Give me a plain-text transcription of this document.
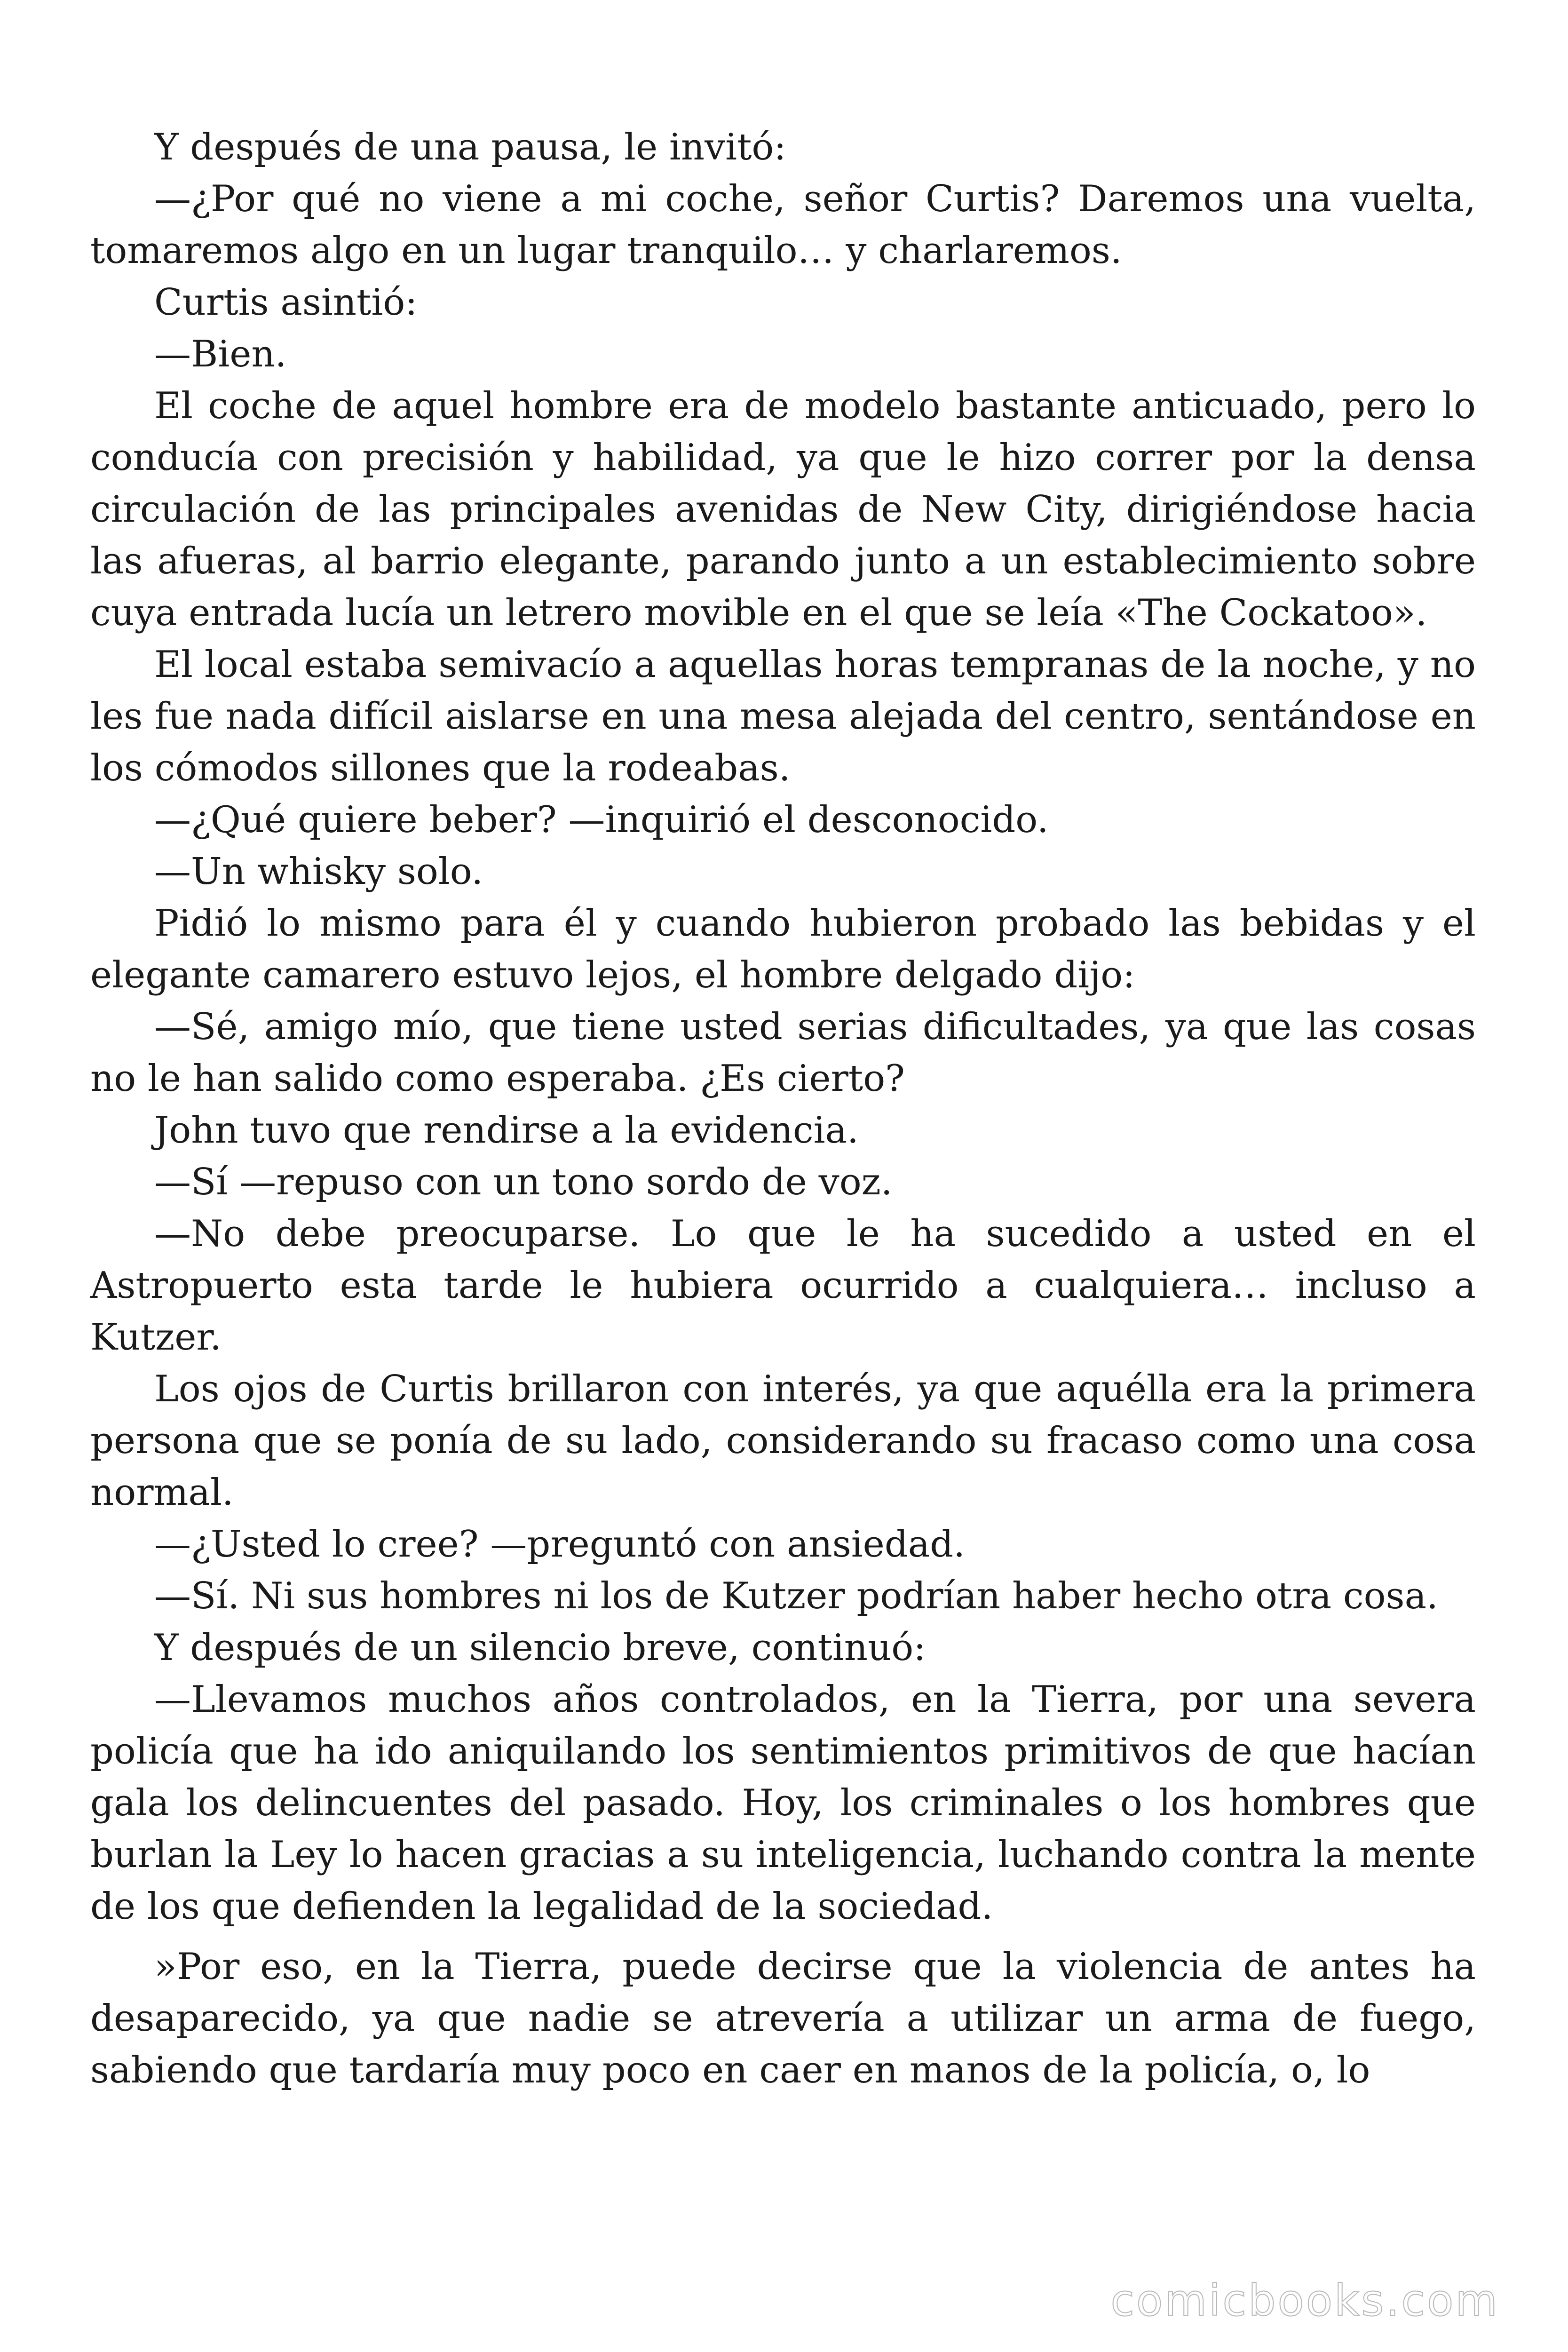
Y después de una pausa, le invitó:

—¿Por qué no viene a mi coche, señor Curtis? Daremos una vuelta, tomaremos algo en un lugar tranquilo… y charlaremos.

Curtis asintió:

—Bien.

El coche de aquel hombre era de modelo bastante anticuado, pero lo conducía con precisión y habilidad, ya que le hizo correr por la densa circulación de las principales avenidas de New City, dirigiéndose hacia las afueras, al barrio elegante, parando junto a un establecimiento sobre cuya entrada lucía un letrero movible en el que se leía «The Cockatoo».

El local estaba semivacío a aquellas horas tempranas de la noche, y no les fue nada difícil aislarse en una mesa alejada del centro, sentándose en los cómodos sillones que la rodeabas.

—¿Qué quiere beber? —inquirió el desconocido.

—Un whisky solo.

Pidió lo mismo para él y cuando hubieron probado las bebidas y el elegante camarero estuvo lejos, el hombre delgado dijo:

—Sé, amigo mío, que tiene usted serias dificultades, ya que las cosas no le han salido como esperaba. ¿Es cierto?

John tuvo que rendirse a la evidencia.

—Sí —repuso con un tono sordo de voz.

—No debe preocuparse. Lo que le ha sucedido a usted en el Astropuerto esta tarde le hubiera ocurrido a cualquiera… incluso a Kutzer.

Los ojos de Curtis brillaron con interés, ya que aquélla era la primera persona que se ponía de su lado, considerando su fracaso como una cosa normal.

—¿Usted lo cree? —preguntó con ansiedad.

—Sí. Ni sus hombres ni los de Kutzer podrían haber hecho otra cosa.

Y después de un silencio breve, continuó:

—Llevamos muchos años controlados, en la Tierra, por una severa policía que ha ido aniquilando los sentimientos primitivos de que hacían gala los delincuentes del pasado. Hoy, los criminales o los hombres que burlan la Ley lo hacen gracias a su inteligencia, luchando contra la mente de los que defienden la legalidad de la sociedad.

»Por eso, en la Tierra, puede decirse que la violencia de antes ha desaparecido, ya que nadie se atrevería a utilizar un arma de fuego, sabiendo que tardaría muy poco en caer en manos de la policía, o, lo

comicbooks.com
